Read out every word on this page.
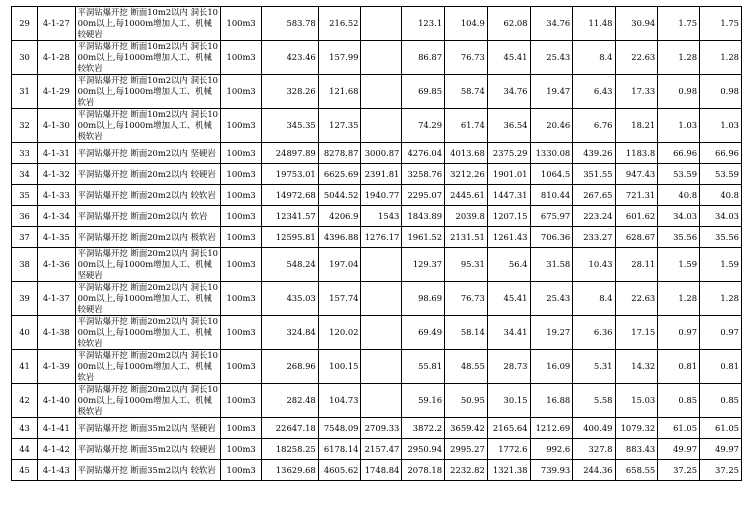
29	4-1-27	平洞钻爆开挖 断面10m2以内 洞长1000m以上,每1000m增加人工、机械 较硬岩	100m3	583.78	216.52		123.1	104.9	62.08	34.76	11.48	30.94	1.75	1.75
30	4-1-28	平洞钻爆开挖 断面10m2以内 洞长1000m以上,每1000m增加人工、机械 较软岩	100m3	423.46	157.99		86.87	76.73	45.41	25.43	8.4	22.63	1.28	1.28
31	4-1-29	平洞钻爆开挖 断面10m2以内 洞长1000m以上,每1000m增加人工、机械 软岩	100m3	328.26	121.68		69.85	58.74	34.76	19.47	6.43	17.33	0.98	0.98
32	4-1-30	平洞钻爆开挖 断面10m2以内 洞长1000m以上,每1000m增加人工、机械 极软岩	100m3	345.35	127.35		74.29	61.74	36.54	20.46	6.76	18.21	1.03	1.03
33	4-1-31	平洞钻爆开挖 断面20m2以内 坚硬岩	100m3	24897.89	8278.87	3000.87	4276.04	4013.68	2375.29	1330.08	439.26	1183.8	66.96	66.96
34	4-1-32	平洞钻爆开挖 断面20m2以内 较硬岩	100m3	19753.01	6625.69	2391.81	3258.76	3212.26	1901.01	1064.5	351.55	947.43	53.59	53.59
35	4-1-33	平洞钻爆开挖 断面20m2以内 较软岩	100m3	14972.68	5044.52	1940.77	2295.07	2445.61	1447.31	810.44	267.65	721.31	40.8	40.8
36	4-1-34	平洞钻爆开挖 断面20m2以内 软岩	100m3	12341.57	4206.9	1543	1843.89	2039.8	1207.15	675.97	223.24	601.62	34.03	34.03
37	4-1-35	平洞钻爆开挖 断面20m2以内 极软岩	100m3	12595.81	4396.88	1276.17	1961.52	2131.51	1261.43	706.36	233.27	628.67	35.56	35.56
38	4-1-36	平洞钻爆开挖 断面20m2以内 洞长1000m以上,每1000m增加人工、机械 坚硬岩	100m3	548.24	197.04		129.37	95.31	56.4	31.58	10.43	28.11	1.59	1.59
39	4-1-37	平洞钻爆开挖 断面20m2以内 洞长1000m以上,每1000m增加人工、机械 较硬岩	100m3	435.03	157.74		98.69	76.73	45.41	25.43	8.4	22.63	1.28	1.28
40	4-1-38	平洞钻爆开挖 断面20m2以内 洞长1000m以上,每1000m增加人工、机械 较软岩	100m3	324.84	120.02		69.49	58.14	34.41	19.27	6.36	17.15	0.97	0.97
41	4-1-39	平洞钻爆开挖 断面20m2以内 洞长1000m以上,每1000m增加人工、机械 软岩	100m3	268.96	100.15		55.81	48.55	28.73	16.09	5.31	14.32	0.81	0.81
42	4-1-40	平洞钻爆开挖 断面20m2以内 洞长1000m以上,每1000m增加人工、机械 极软岩	100m3	282.48	104.73		59.16	50.95	30.15	16.88	5.58	15.03	0.85	0.85
43	4-1-41	平洞钻爆开挖 断面35m2以内 坚硬岩	100m3	22647.18	7548.09	2709.33	3872.2	3659.42	2165.64	1212.69	400.49	1079.32	61.05	61.05
44	4-1-42	平洞钻爆开挖 断面35m2以内 较硬岩	100m3	18258.25	6178.14	2157.47	2950.94	2995.27	1772.6	992.6	327.8	883.43	49.97	49.97
45	4-1-43	平洞钻爆开挖 断面35m2以内 较软岩	100m3	13629.68	4605.62	1748.84	2078.18	2232.82	1321.38	739.93	244.36	658.55	37.25	37.25
